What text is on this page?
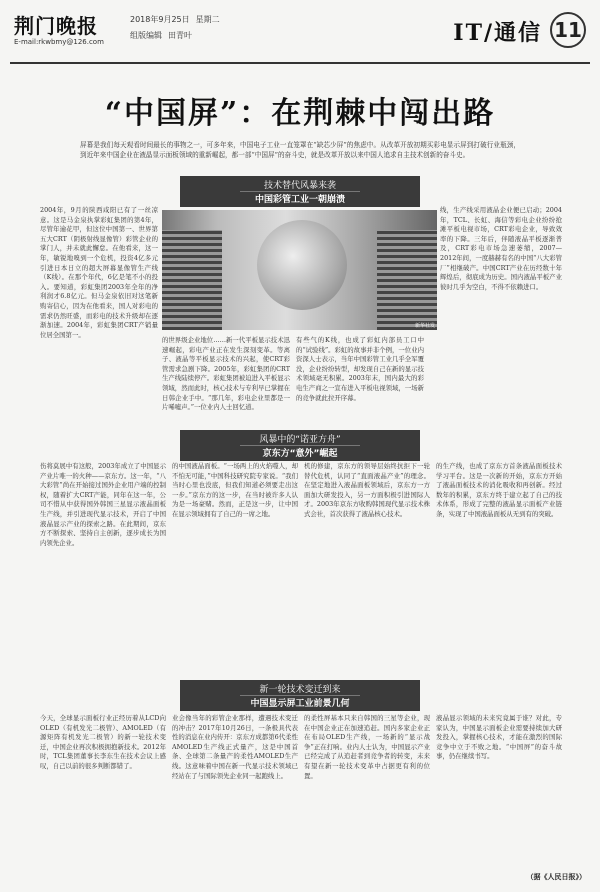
荆门晚报
E-mail:rkwbmy@126.com
2018年9月25日 星期二
组版编辑 田青叶	IT/通信 11
“中国屏”：在荆棘中闯出路
屏幕是我们每天观看时间最长的事物之一，可多年来，中国电子工业一直笼罩在“缺芯少屏”的焦虑中。从改革开放初期买彩电显示屏到打破行业瓶颈，到近年来中国企业在液晶显示面板领域的重新崛起，都一部“中国屏”的奋斗史，就是改革开放以来中国人追求自主技术创新的奋斗史。
技术替代风暴来袭
中国彩管工业一朝崩溃
2004年，9月的陕西咸阳已有了一丝凉意。这是马金泉执掌彩虹集团的第4年，尽管年逾花甲，但这位中国第一、世界第五大CRT（阴极射线显像管）彩管企业的掌门人，并未就此懈怠。在他看来，这一年，敏锐地嗅到一个危机，投资4亿多元引进日本日立的超大屏幕显像管生产线（K线）。在那个年代，6亿是笔不小的投入。要知道，彩虹集团2003年全年的净利润才6.8亿元。但马金泉依旧对这笔新购寄信心，因为在他看来，国人对彩电的需求仍然旺盛，而彩电的技术升级却在逐渐加速。2004年，彩虹集团CRT产销量位居全国第一。
新华社发
的世界级企业地位……新一代平板显示技术迅速崛起，彩电产业正在发生深刻变革。等离子、液晶等平板显示技术的兴起，使CRT彩管需求急剧下降。2005年，彩虹集团的CRT生产线陆续停产。彩虹集团被迫进入平板显示领域，然而此时，核心技术与专利早已掌握在日韩企业手中。“那几年，彩电企业里都是一片唏嘘声。”一位业内人士回忆道。
有些气的K线，也成了彩虹内部员工口中的“试验线”。彩虹的故事并非个例，一位业内资深人士表示，当年中国彩管工业几乎全军覆没，企业纷纷转型，却发现自己在新的显示技术领域毫无积累。2003年末，国内最大的彩电生产商之一宣布进入平板电视领域，一场新的竞争就此拉开序幕。
线，生产线采用液晶企业便已启动；2004年，TCL、长虹、海信等彩电企业纷纷抢滩平板电视市场，CRT彩电企业，导致效率的下降。三年后，伴随液晶平板逐渐普及，CRT彩电市场急速萎缩，2007—2012年间，一度赫赫有名的中国“八大彩管厂”相继破产。中国CRT产业在历经数十年辉煌后，彻底成为历史。国内液晶平板产业彼时几乎为空白，不得不依赖进口。
风暴中的“诺亚方舟”
京东方“意外”崛起
伤将莫展中有这般，2003年成立了中国显示产业片唯一的火种——京东方。这一年，“八大彩管”尚在开始接过国外企业用户端的控制权，随着扩大CRT产能，同年在这一年，公司不惜从中获得国外韩国三星显示液晶面板生产线，并引进现代显示技术，开启了中国液晶显示产业的探索之路。在此期间，京东方不断探索、坚持自主创新，逐步成长为国内领先企业。
的中国液晶面板。“一场两上的火焰噬人，却不怕无可能，”中国科技研究院专家说。“我们当时心里也没底，但我们知道必须要走出这一步。”京东方的这一步，在当时被许多人认为是一场豪赌。然而，正是这一步，让中国在显示领域拥有了自己的一席之地。
机的修建，京东方的领导层始终抗拒下一轮替代危机，认同了“直面液晶产业”的理念。在坚定地进入液晶面板领域后，京东方一方面加大研发投入，另一方面积极引进国际人才。2003年京东方收购韩国现代显示技术株式会社，首次获得了液晶核心技术。
的生产线，也成了京东方首条液晶面板技术学习平台。这是一次新的开始，京东方开始了液晶面板技术的消化吸收和再创新。经过数年的积累，京东方终于建立起了自己的技术体系，形成了完整的液晶显示面板产业链条，实现了中国液晶面板从无到有的突破。
新一轮技术变迁到来
中国显示屏工业前景几何
今天，全球显示面板行业正经历着从LCD向OLED（有机发光二极管）、AMOLED（有源矩阵有机发光二极管）的新一轮技术变迁，中国企业再次积极拥抱新技术。2012年时，TCL集团董事长李东生在技术会议上感叹，自己以前的很多判断都错了。
业会像当年的彩管企业那样，遭遇技术变迁的冲击？2017年10月26日，一条极具代表性的消息在业内传开：京东方成都第6代柔性AMOLED生产线正式量产，这是中国首条、全球第二条量产的柔性AMOLED生产线。这意味着中国在新一代显示技术领域已经站在了与国际领先企业同一起跑线上。
的柔性屏基本只来自韩国的三星等企业，现在中国企业正在加速追赶。国内多家企业正在布局OLED生产线，一场新的“显示战争”正在打响。业内人士认为，中国显示产业已经完成了从追赶者到竞争者的转变，未来有望在新一轮技术变革中占据更有利的位置。
液晶显示领域的未来究竟属于谁？对此，专家认为，中国显示面板企业需要持续加大研发投入，掌握核心技术，才能在激烈的国际竞争中立于不败之地。“中国屏”的奋斗故事，仍在继续书写。
（据《人民日报》）
